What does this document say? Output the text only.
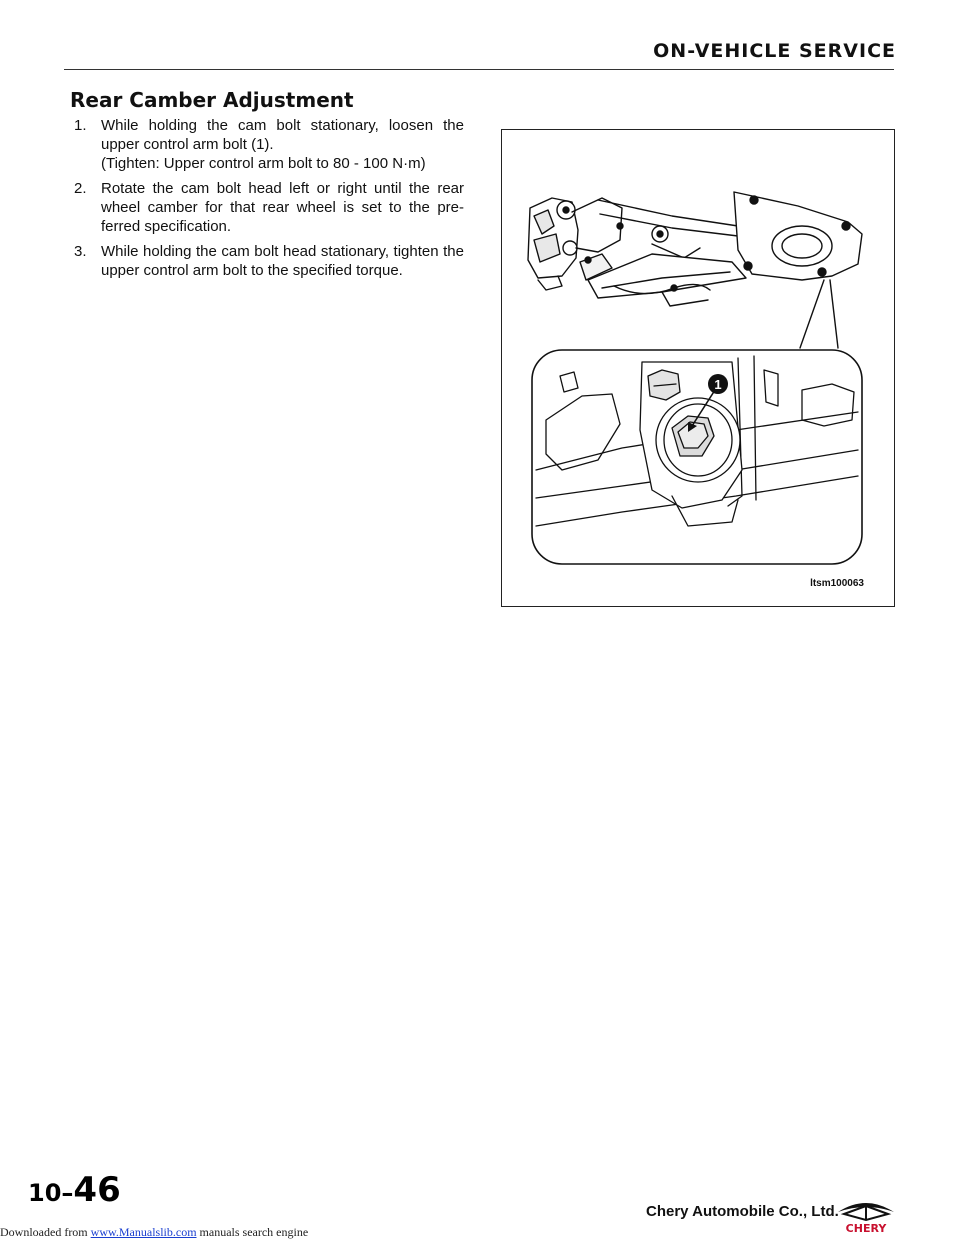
ON-VEHICLE SERVICE
Rear Camber Adjustment
1. While holding the cam bolt stationary, loosen the upper control arm bolt (1).
(Tighten: Upper control arm bolt to 80 - 100 N·m)
2. Rotate the cam bolt head left or right until the rear wheel camber for that rear wheel is set to the pre-ferred specification.
3. While holding the cam bolt head stationary, tighten the upper control arm bolt to the specified torque.
1
ltsm100063
10–46
Chery Automobile Co., Ltd.
CHERY
Downloaded from www.Manualslib.com manuals search engine
